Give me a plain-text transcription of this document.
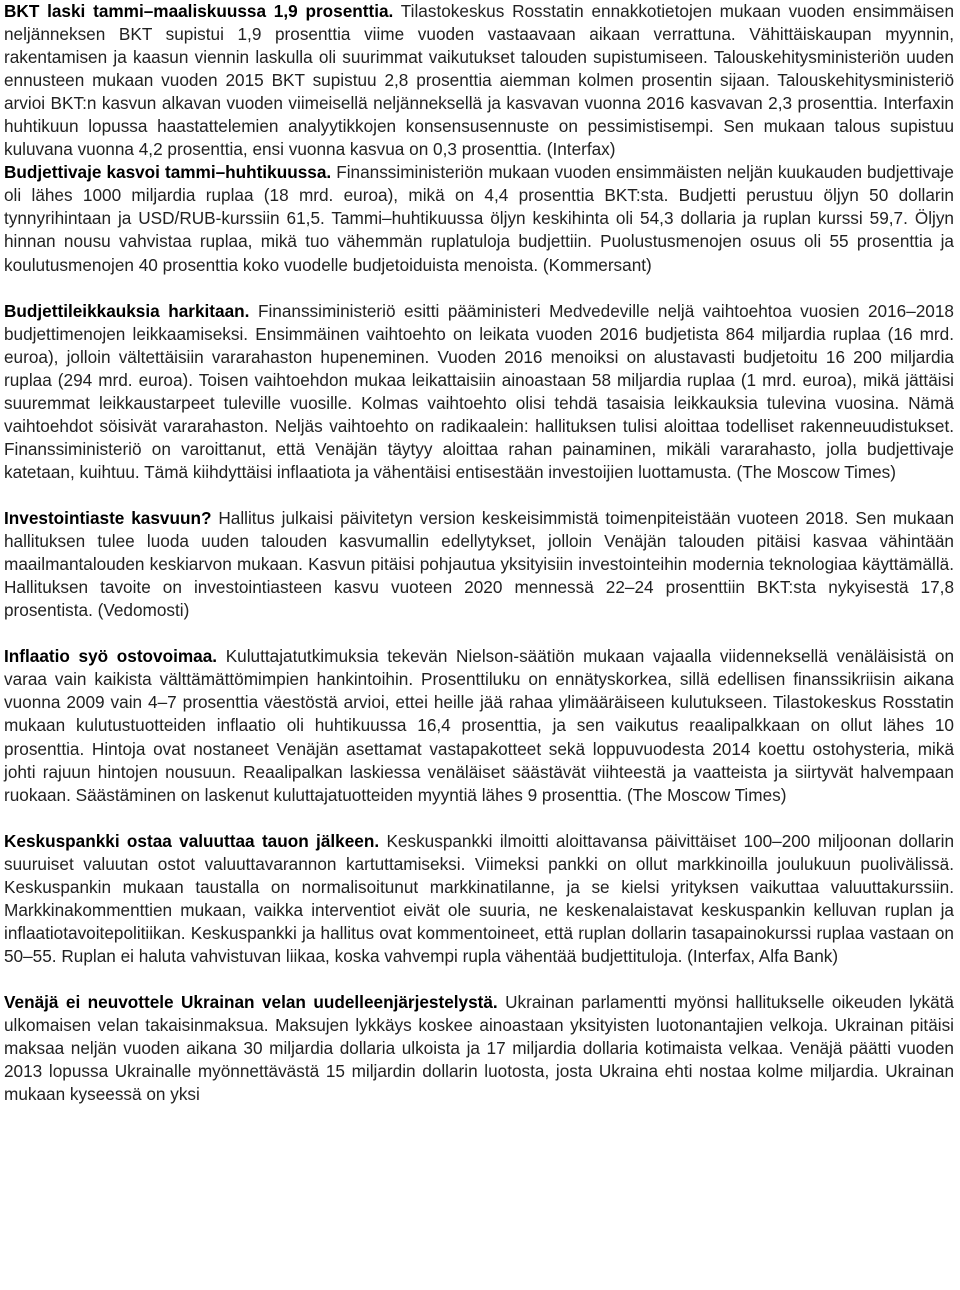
BKT laski tammi–maaliskuussa 1,9 prosenttia. Tilastokeskus Rosstatin ennakkotietojen mukaan vuoden ensimmäisen neljänneksen BKT supistui 1,9 prosenttia viime vuoden vastaavaan aikaan verrattuna. Vähittäiskaupan myynnin, rakentamisen ja kaasun viennin laskulla oli suurimmat vaikutukset talouden supistumiseen. Talouskehitysministeriön uuden ennusteen mukaan vuoden 2015 BKT supistuu 2,8 prosenttia aiemman kolmen prosentin sijaan. Talouskehitysministeriö arvioi BKT:n kasvun alkavan vuoden viimeisellä neljänneksellä ja kasvavan vuonna 2016 kasvavan 2,3 prosenttia. Interfaxin huhtikuun lopussa haastattelemien analyytikkojen konsensusennuste on pessimistisempi. Sen mukaan talous supistuu kuluvana vuonna 4,2 prosenttia, ensi vuonna kasvua on 0,3 prosenttia. (Interfax)

Budjettivaje kasvoi tammi–huhtikuussa. Finanssiministeriön mukaan vuoden ensimmäisten neljän kuukauden budjettivaje oli lähes 1000 miljardia ruplaa (18 mrd. euroa), mikä on 4,4 prosenttia BKT:sta. Budjetti perustuu öljyn 50 dollarin tynnyrihintaan ja USD/RUB-kurssiin 61,5. Tammi–huhtikuussa öljyn keskihinta oli 54,3 dollaria ja ruplan kurssi 59,7. Öljyn hinnan nousu vahvistaa ruplaa, mikä tuo vähemmän ruplatuloja budjettiin. Puolustusmenojen osuus oli 55 prosenttia ja koulutusmenojen 40 prosenttia koko vuodelle budjetoiduista menoista. (Kommersant)

Budjettileikkauksia harkitaan. Finanssiministeriö esitti pääministeri Medvedeville neljä vaihtoehtoa vuosien 2016–2018 budjettimenojen leikkaamiseksi. Ensimmäinen vaihtoehto on leikata vuoden 2016 budjetista 864 miljardia ruplaa (16 mrd. euroa), jolloin vältettäisiin vararahaston hupeneminen. Vuoden 2016 menoiksi on alustavasti budjetoitu 16 200 miljardia ruplaa (294 mrd. euroa). Toisen vaihtoehdon mukaa leikattaisiin ainoastaan 58 miljardia ruplaa (1 mrd. euroa), mikä jättäisi suuremmat leikkaustarpeet tuleville vuosille. Kolmas vaihtoehto olisi tehdä tasaisia leikkauksia tulevina vuosina. Nämä vaihtoehdot söisivät vararahaston. Neljäs vaihtoehto on radikaalein: hallituksen tulisi aloittaa todelliset rakenneuudistukset. Finanssiministeriö on varoittanut, että Venäjän täytyy aloittaa rahan painaminen, mikäli vararahasto, jolla budjettivaje katetaan, kuihtuu. Tämä kiihdyttäisi inflaatiota ja vähentäisi entisestään investoijien luottamusta. (The Moscow Times)

Investointiaste kasvuun? Hallitus julkaisi päivitetyn version keskeisimmistä toimenpiteistään vuoteen 2018. Sen mukaan hallituksen tulee luoda uuden talouden kasvumallin edellytykset, jolloin Venäjän talouden pitäisi kasvaa vähintään maailmantalouden keskiarvon mukaan. Kasvun pitäisi pohjautua yksityisiin investointeihin modernia teknologiaa käyttämällä. Hallituksen tavoite on investointiasteen kasvu vuoteen 2020 mennessä 22–24 prosenttiin BKT:sta nykyisestä 17,8 prosentista. (Vedomosti)

Inflaatio syö ostovoimaa. Kuluttajatutkimuksia tekevän Nielson-säätiön mukaan vajaalla viidenneksellä venäläisistä on varaa vain kaikista välttämättömimpien hankintoihin. Prosenttiluku on ennätyskorkea, sillä edellisen finanssikriisin aikana vuonna 2009 vain 4–7 prosenttia väestöstä arvioi, ettei heille jää rahaa ylimääräiseen kulutukseen. Tilastokeskus Rosstatin mukaan kulutustuotteiden inflaatio oli huhtikuussa 16,4 prosenttia, ja sen vaikutus reaalipalkkaan on ollut lähes 10 prosenttia. Hintoja ovat nostaneet Venäjän asettamat vastapakotteet sekä loppuvuodesta 2014 koettu ostohysteria, mikä johti rajuun hintojen nousuun. Reaalipalkan laskiessa venäläiset säästävät viihteestä ja vaatteista ja siirtyvät halvempaan ruokaan. Säästäminen on laskenut kuluttajatuotteiden myyntiä lähes 9 prosenttia. (The Moscow Times)

Keskuspankki ostaa valuuttaa tauon jälkeen. Keskuspankki ilmoitti aloittavansa päivittäiset 100–200 miljoonan dollarin suuruiset valuutan ostot valuuttavarannon kartuttamiseksi. Viimeksi pankki on ollut markkinoilla joulukuun puolivälissä. Keskuspankin mukaan taustalla on normalisoitunut markkinatilanne, ja se kielsi yrityksen vaikuttaa valuuttakurssiin. Markkinakommenttien mukaan, vaikka interventiot eivät ole suuria, ne keskenalaistavat keskuspankin kelluvan ruplan ja inflaatiotavoitepolitiikan. Keskuspankki ja hallitus ovat kommentoineet, että ruplan dollarin tasapainokurssi ruplaa vastaan on 50–55. Ruplan ei haluta vahvistuvan liikaa, koska vahvempi rupla vähentää budjettituloja. (Interfax, Alfa Bank)

Venäjä ei neuvottele Ukrainan velan uudelleenjärjestelystä. Ukrainan parlamentti myönsi hallitukselle oikeuden lykätä ulkomaisen velan takaisinmaksua. Maksujen lykkäys koskee ainoastaan yksityisten luotonantajien velkoja. Ukrainan pitäisi maksaa neljän vuoden aikana 30 miljardia dollaria ulkoista ja 17 miljardia dollaria kotimaista velkaa. Venäjä päätti vuoden 2013 lopussa Ukrainalle myönnettävästä 15 miljardin dollarin luotosta, josta Ukraina ehti nostaa kolme miljardia. Ukrainan mukaan kyseessä on yksi
